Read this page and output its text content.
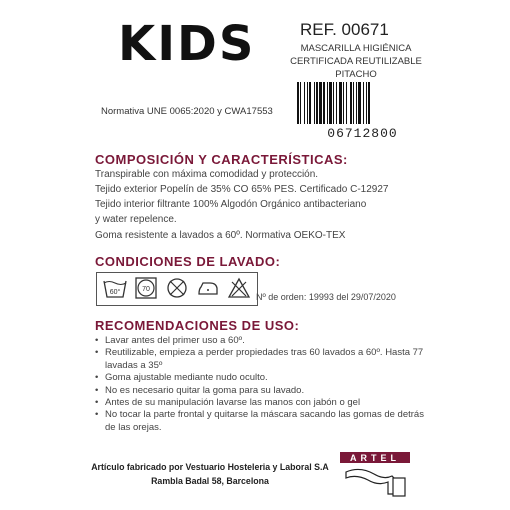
KIDS	REF. 00671
MASCARILLA HIGIÉNICA
CERTIFICADA REUTILIZABLE
PITACHO
06712800
Normativa UNE 0065:2020 y CWA17553
COMPOSICIÓN Y CARACTERÍSTICAS:
Transpirable con máxima comodidad y protección.
Tejido exterior Popelín de 35% CO 65% PES. Certificado C-12927
Tejido interior filtrante 100% Algodón Orgánico antibacteriano
y water repelence.
Goma resistente a lavados a 60º. Normativa OEKO-TEX
CONDICIONES DE LAVADO:
60°	70
Nº de orden: 19993 del 29/07/2020
RECOMENDACIONES DE USO:
• Lavar antes del primer uso a 60º.
• Reutilizable, empieza a perder propiedades tras 60 lavados a 60º. Hasta 77 lavadas a 35º
• Goma ajustable mediante nudo oculto.
• No es necesario quitar la goma para su lavado.
• Antes de su manipulación lavarse las manos con jabón o gel
• No tocar la parte frontal y quitarse la máscara sacando las gomas de detrás de las orejas.
Artículo fabricado por Vestuario Hosteleria y Laboral S.A
Rambla Badal 58, Barcelona
ARTEL
